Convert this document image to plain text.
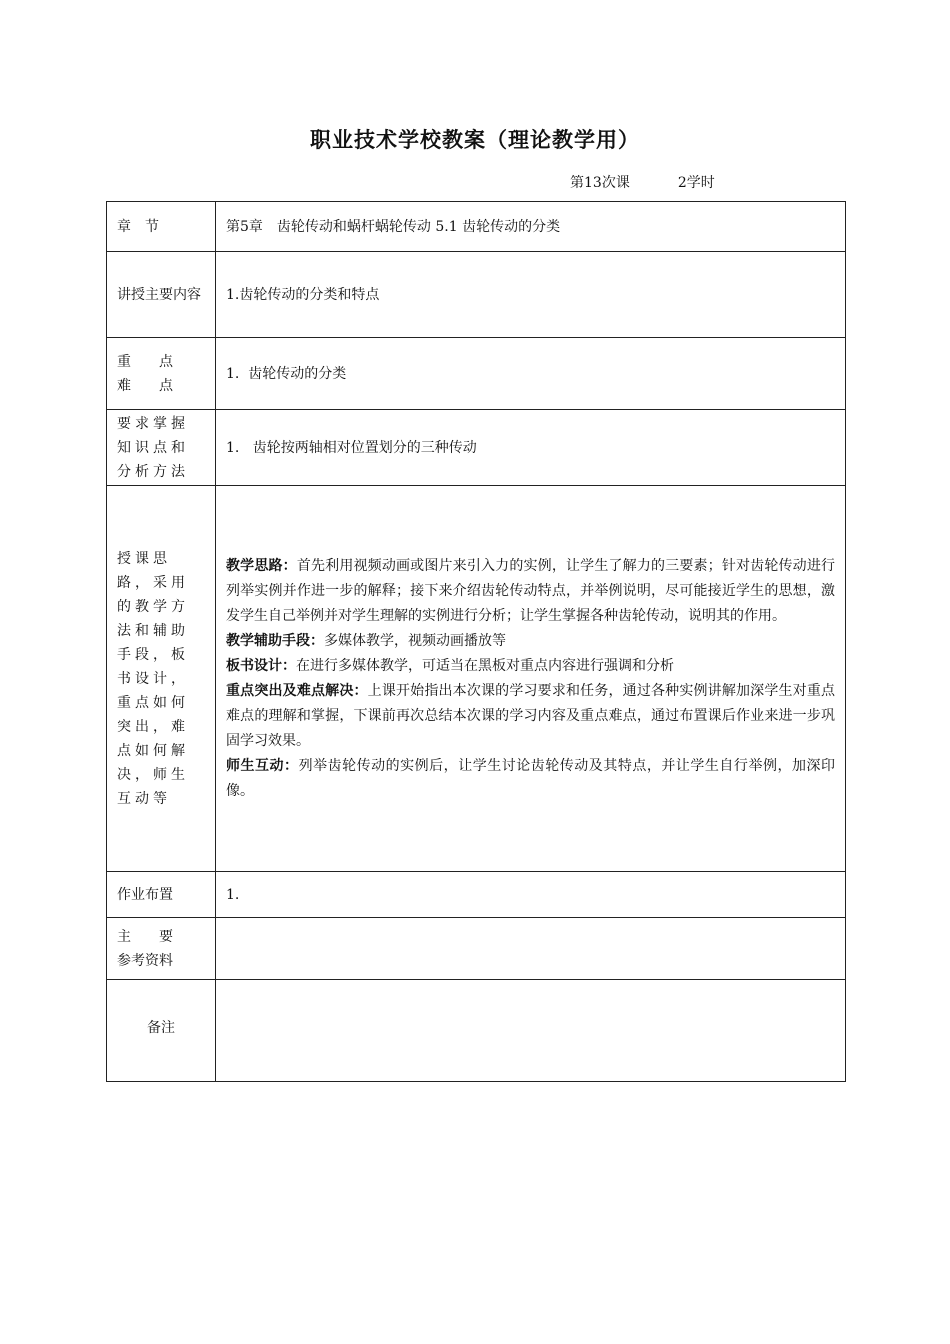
职业技术学校教案（理论教学用）
第13次课	2学时
章　节	第5章　齿轮传动和蜗杆蜗轮传动 5.1 齿轮传动的分类
讲授主要内容	1.齿轮传动的分类和特点

重 点
难 点	1.  齿轮传动的分类
要求掌握知识点和分析方法	1.   齿轮按两轴相对位置划分的三种传动
授课思路，采用的教学方法和辅助手段，板书设计，重点如何突出，难点如何解决，师生互动等	教学思路：首先利用视频动画或图片来引入力的实例，让学生了解力的三要素；针对齿轮传动进行列举实例并作进一步的解释；接下来介绍齿轮传动特点，并举例说明，尽可能接近学生的思想，激发学生自己举例并对学生理解的实例进行分析；让学生掌握各种齿轮传动，说明其的作用。

教学辅助手段：多媒体教学，视频动画播放等

板书设计：在进行多媒体教学，可适当在黑板对重点内容进行强调和分析

重点突出及难点解决：上课开始指出本次课的学习要求和任务，通过各种实例讲解加深学生对重点难点的理解和掌握，下课前再次总结本次课的学习内容及重点难点，通过布置课后作业来进一步巩固学习效果。

师生互动：列举齿轮传动的实例后，让学生讨论齿轮传动及其特点，并让学生自行举例，加深印像。

作业布置	1.

主 要
参考资料	

备注	
